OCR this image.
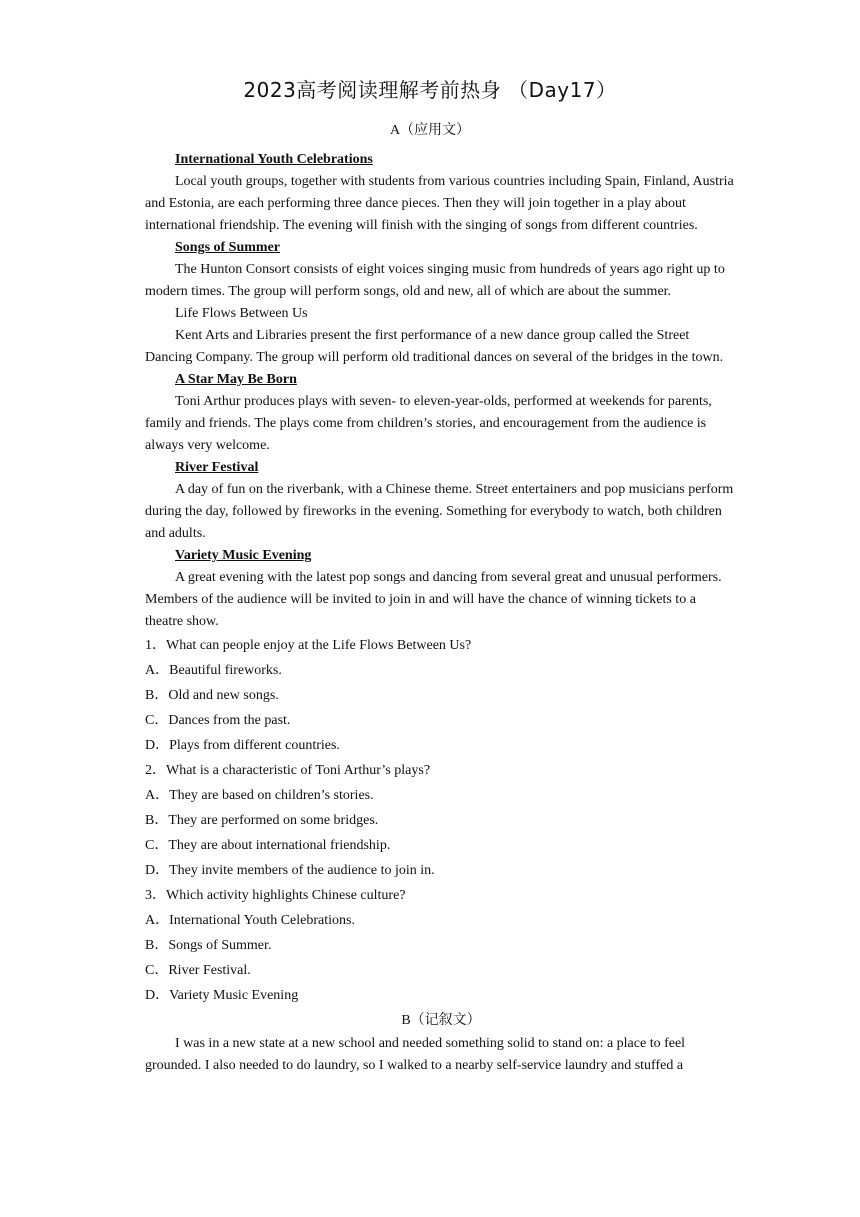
2023高考阅读理解考前热身 （Day17）
A（应用文）

International Youth Celebrations

Local youth groups, together with students from various countries including Spain, Finland, Austria and Estonia, are each performing three dance pieces. Then they will join together in a play about international friendship. The evening will finish with the singing of songs from different countries.

Songs of Summer

The Hunton Consort consists of eight voices singing music from hundreds of years ago right up to modern times. The group will perform songs, old and new, all of which are about the summer.

Life Flows Between Us

Kent Arts and Libraries present the first performance of a new dance group called the Street Dancing Company. The group will perform old traditional dances on several of the bridges in the town.

A Star May Be Born

Toni Arthur produces plays with seven- to eleven-year-olds, performed at weekends for parents, family and friends. The plays come from children’s stories, and encouragement from the audience is always very welcome.

River Festival

A day of fun on the riverbank, with a Chinese theme. Street entertainers and pop musicians perform during the day, followed by fireworks in the evening. Something for everybody to watch, both children and adults.

Variety Music Evening

A great evening with the latest pop songs and dancing from several great and unusual performers. Members of the audience will be invited to join in and will have the chance of winning tickets to a theatre show.

1．What can people enjoy at the Life Flows Between Us?

A．Beautiful fireworks.

B．Old and new songs.

C．Dances from the past.

D．Plays from different countries.

2．What is a characteristic of Toni Arthur’s plays?

A．They are based on children’s stories.

B．They are performed on some bridges.

C．They are about international friendship.

D．They invite members of the audience to join in.

3．Which activity highlights Chinese culture?

A．International Youth Celebrations.

B．Songs of Summer.

C．River Festival.

D．Variety Music Evening

B（记叙文）

I was in a new state at a new school and needed something solid to stand on: a place to feel grounded. I also needed to do laundry, so I walked to a nearby self-service laundry and stuffed a
